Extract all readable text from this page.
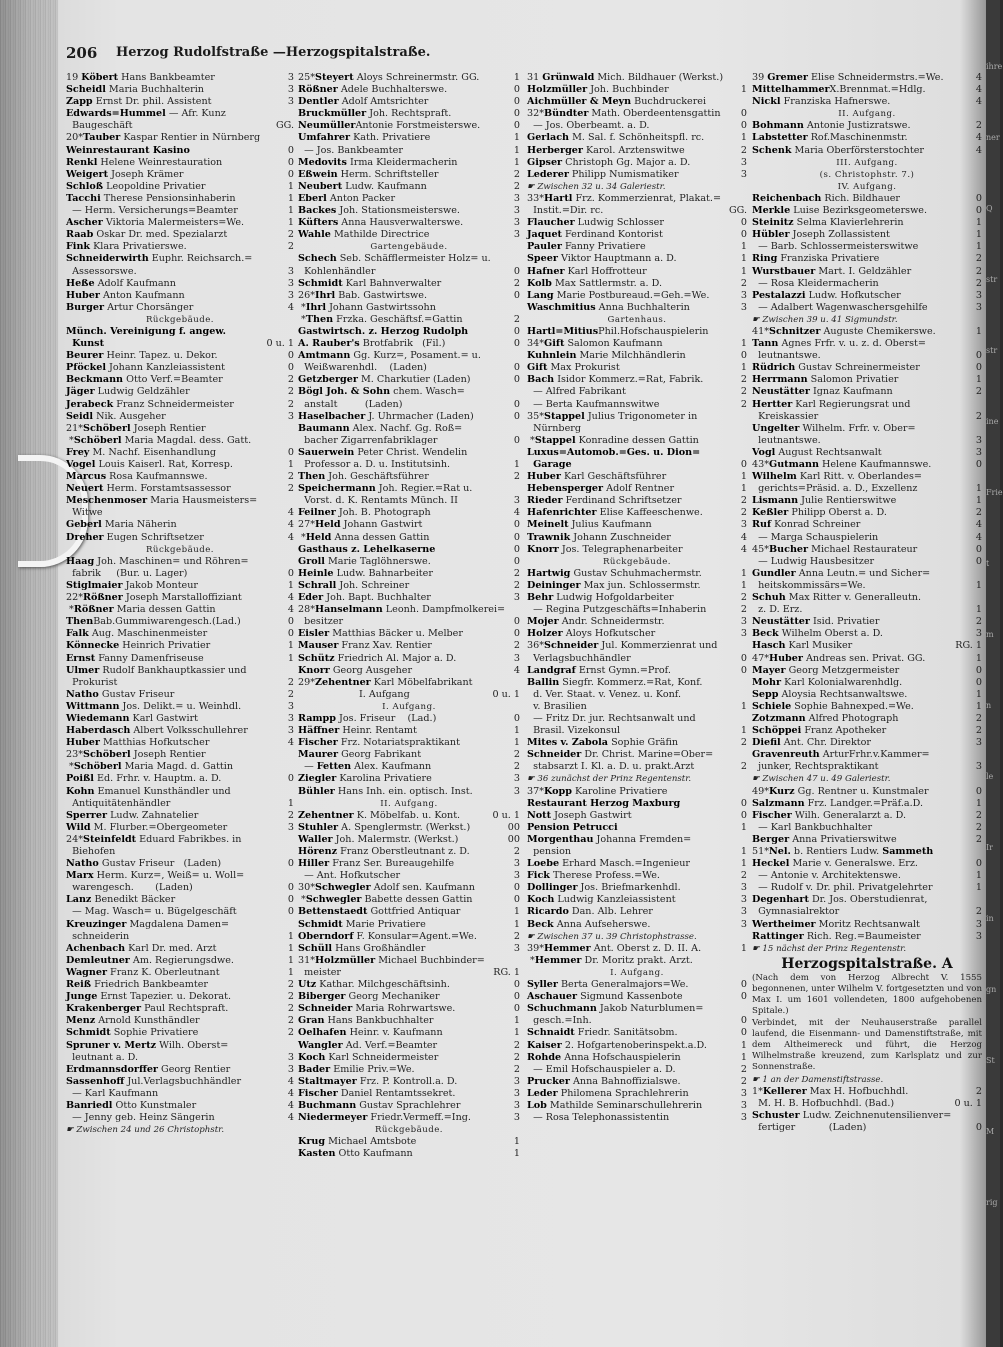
ihre
ner
Q
str
str
ine
Frie
t
m
n
le
Ir
in
gn
St
M
rig
206 Herzog Rudolfstraße —Herzogspitalstraße.
19 Köbert Hans Bankbeamter	3
Scheidl Maria Buchhalterin	3
Zapp Ernst Dr. phil. Assistent	3
Edwards=Hummel — Afr. Kunz
Baugeschäft	GG.
20*Tauber Kaspar Rentier in Nürnberg
Weinrestaurant Kasino	0
Renkl Helene Weinrestauration	0
Weigert Joseph Krämer	0
Schloß Leopoldine Privatier	1
Tacchi Therese Pensionsinhaberin	1
— Herm. Versicherungs=Beamter	1
Ascher Viktoria Malermeisters=We.	1
Raab Oskar Dr. med. Spezialarzt	2
Fink Klara Privatierswe.	2
Schneiderwirth Euphr. Reichsarch.=
Assessorswe.	3
Heße Adolf Kaufmann	3
Huber Anton Kaufmann	3
Burger Artur Chorsänger	4
Rückgebäude.
Münch. Vereinigung f. angew.
Kunst	0 u. 1
Beurer Heinr. Tapez. u. Dekor.	0
Pföckel Johann Kanzleiassistent	0
Beckmann Otto Verf.=Beamter	2
Jäger Ludwig Geldzähler	2
Jerabeck Franz Schneidermeister	2
Seidl Nik. Ausgeher	3
21*Schöberl Joseph Rentier
*Schöberl Maria Magdal. dess. Gatt.
Frey M. Nachf. Eisenhandlung	0
Vogel Louis Kaiserl. Rat, Korresp.	1
Marcus Rosa Kaufmannswe.	2
Neuert Herm. Forstamtsassessor	2
Meschenmoser Maria Hausmeisters=
Witwe	4
Geberl Maria Näherin	4
Dreher Eugen Schriftsetzer	4
Rückgebäude.
Haag Joh. Maschinen= und Röhren=
fabrik     (Bur. u. Lager)	0
Stiglmaier Jakob Monteur	1
22*Rößner Joseph Marstalloffiziant	4
*Rößner Maria dessen Gattin	4
ThenBab.Gummiwarengesch.(Lad.)	0
Falk Aug. Maschinenmeister	0
Könnecke Heinrich Privatier	1
Ernst Fanny Damenfriseuse	1
Ulmer Rudolf Bankhauptkassier und
Prokurist	2
Natho Gustav Friseur	2
Wittmann Jos. Delikt.= u. Weinhdl.	3
Wiedemann Karl Gastwirt	3
Haberdasch Albert Volksschullehrer	3
Huber Matthias Hofkutscher	4
23*Schöberl Joseph Rentier
*Schöberl Maria Magd. d. Gattin
Poißl Ed. Frhr. v. Hauptm. a. D.	0
Kohn Emanuel Kunsthändler und
Antiquitätenhändler	1
Sperrer Ludw. Zahnatelier	2
Wild M. Flurber.=Obergeometer	3
24*Steinfeldt Eduard Fabrikbes. in
Biehofen
Natho Gustav Friseur   (Laden)	0
Marx Herm. Kurz=, Weiß= u. Woll=
warengesch.       (Laden)	0
Lanz Benedikt Bäcker	0
— Mag. Wasch= u. Bügelgeschäft	0
Kreuzinger Magdalena Damen=
schneiderin	1
Achenbach Karl Dr. med. Arzt	1
Demleutner Am. Regierungsdwe.	1
Wagner Franz K. Oberleutnant	1
Reiß Friedrich Bankbeamter	2
Junge Ernst Tapezier. u. Dekorat.	2
Krakenberger Paul Rechtspraft.	2
Menz Arnold Kunsthändler	2
Schmidt Sophie Privatiere	2
Spruner v. Mertz Wilh. Oberst=
leutnant a. D.	3
Erdmannsdorffer Georg Rentier	3
Sassenhoff Jul.Verlagsbuchhändler	4
— Karl Kaufmann	4
Banriedl Otto Kunstmaler	4
— Jenny geb. Heinz Sängerin	4
☛ Zwischen 24 und 26 Christophstr.
25*Steyert Aloys Schreinermstr. GG.	1
Rößner Adele Buchhalterswe.	0
Dentler Adolf Amtsrichter	0
Bruckmüller Joh. Rechtspraft.	0
NeumüllerAntonie Forstmeisterswe.	0
Umfahrer Kath. Privatiere	1
— Jos. Bankbeamter	1
Medovits Irma Kleidermacherin	1
Eßwein Herm. Schriftsteller	2
Neubert Ludw. Kaufmann	2
Eberl Anton Packer	3
Backes Joh. Stationsmeisterswe.	3
Küfters Anna Hausverwalterswe.	3
Wahle Mathilde Directrice	3
Gartengebäude.
Schech Seb. Schäfflermeister Holz= u.
Kohlenhändler	0
Schmidt Karl Bahnverwalter	2
26*Ihrl Bab. Gastwirtswe.	0
*Ihrl Johann Gastwirtssohn
*Then Frzka. Geschäftsf.=Gattin	2
Gastwirtsch. z. Herzog Rudolph	0
A. Rauber's Brotfabrik   (Fil.)	0
Amtmann Gg. Kurz=, Posament.= u.
Weißwarenhdl.    (Laden)	0
Getzberger M. Charkutier (Laden)	0
Bögl Joh. & Sohn chem. Wasch=
anstalt         (Laden)	0
Haselbacher J. Uhrmacher (Laden)	0
Baumann Alex. Nachf. Gg. Roß=
bacher Zigarrenfabriklager	0
Sauerwein Peter Christ. Wendelin
Professor a. D. u. Institutsinh.	1
Then Joh. Geschäftsführer	2
Speichermann Joh. Regier.=Rat u.
Vorst. d. K. Rentamts Münch. II	3
Feilner Joh. B. Photograph	4
27*Held Johann Gastwirt	0
*Held Anna dessen Gattin	0
Gasthaus z. Lehelkaserne	0
Groll Marie Taglöhnerswe.	0
Heinle Ludw. Bahnarbeiter	2
Schrall Joh. Schreiner	2
Eder Joh. Bapt. Buchhalter	3
28*Hanselmann Leonh. Dampfmolkerei=
besitzer	0
Eisler Matthias Bäcker u. Melber	0
Mauser Franz Xav. Rentier	2
Schütz Friedrich Al. Major a. D.	3
Knorr Georg Ausgeher	4
29*Zehentner Karl Möbelfabrikant
I. Aufgang	0 u. 1
I. Aufgang.
Rampp Jos. Friseur    (Lad.)	0
Häffner Heinr. Rentamt	1
Fischer Frz. Notariatspraktikant	1
Maurer Georg Fabrikant	2
— Fetten Alex. Kaufmann	2
Ziegler Karolina Privatiere	3
Bühler Hans Inh. ein. optisch. Inst.	3
II. Aufgang.
Zehentner K. Möbelfab. u. Kont.	0 u. 1
Stuhler A. Spenglermstr. (Werkst.)	00
Waller Joh. Malermstr. (Werkst.)	00
Hörenz Franz Oberstleutnant z. D.	2
Hiller Franz Ser. Bureaugehilfe	3
— Ant. Hofkutscher	3
30*Schwegler Adolf sen. Kaufmann	0
*Schwegler Babette dessen Gattin	0
Bettenstaedt Gottfried Antiquar	1
Schmidt Marie Privatiere	1
Oberndorf F. Konsular=Agent.=We.	2
Schüll Hans Großhändler	3
31*Holzmüller Michael Buchbinder=
meister	RG. 1
Utz Kathar. Milchgeschäftsinh.	0
Biberger Georg Mechaniker	0
Schneider Maria Rohrwartswe.	0
Gran Hans Bankbuchhalter	1
Oelhafen Heinr. v. Kaufmann	1
Wangler Ad. Verf.=Beamter	2
Koch Karl Schneidermeister	2
Bader Emilie Priv.=We.	2
Staltmayer Frz. P. Kontroll.a. D.	3
Fischer Daniel Rentamtssekret.	3
Buchmann Gustav Sprachlehrer	3
Niedermeyer Friedr.Vermeff.=Ing.	3
Rückgebäude.
Krug Michael Amtsbote	1
Kasten Otto Kaufmann	1
31 Grünwald Mich. Bildhauer (Werkst.)
Holzmüller Joh. Buchbinder	1
Aichmüller & Meyn Buchdruckerei
32*Bündter Math. Oberdeentensgattin	0
— Jos. Oberbeamt. a. D.	0
Gerlach M. Sal. f. Schönheitspfl. rc.	1
Herberger Karol. Arztenswitwe	2
Gipser Christoph Gg. Major a. D.	3
Lederer Philipp Numismatiker	3
☛ Zwischen 32 u. 34 Galeriestr.
33*Hartl Frz. Kommerzienrat, Plakat.=
Instit.=Dir. rc.	GG.
Flaucher Ludwig Schlosser	0
Jaquet Ferdinand Kontorist	0
Pauler Fanny Privatiere	1
Speer Viktor Hauptmann a. D.	1
Hafner Karl Hoffrotteur	1
Kolb Max Sattlermstr. a. D.	2
Lang Marie Postbureaud.=Geh.=We.	3
Waschmitius Anna Buchhalterin	3
Gartenhaus.
Hartl=MitiusPhil.Hofschauspielerin
34*Gift Salomon Kaufmann	1
Kuhnlein Marie Milchhändlerin	0
Gift Max Prokurist	1
Bach Isidor Kommerz.=Rat, Fabrik.	2
— Alfred Fabrikant	2
— Berta Kaufmannswitwe	2
35*Stappel Julius Trigonometer in
Nürnberg
*Stappel Konradine dessen Gattin
Luxus=Automob.=Ges. u. Dion=
Garage	0
Huber Karl Geschäftsführer	1
Hebensperger Adolf Rentner	1
Rieder Ferdinand Schriftsetzer	2
Hafenrichter Elise Kaffeeschenwe.	2
Meinelt Julius Kaufmann	3
Trawnik Johann Zuschneider	4
Knorr Jos. Telegraphenarbeiter	4
Rückgebäude.
Hartwig Gustav Schuhmachermstr.	1
Deininger Max jun. Schlossermstr.	1
Behr Ludwig Hofgoldarbeiter	2
— Regina Putzgeschäfts=Inhaberin	2
Mojer Andr. Schneidermstr.	3
Holzer Aloys Hofkutscher	3
36*Schneider Jul. Kommerzienrat und
Verlagsbuchhändler	0
Landgraf Ernst Gymn.=Prof.	0
Ballin Siegfr. Kommerz.=Rat, Konf.
d. Ver. Staat. v. Venez. u. Konf.
v. Brasilien	1
— Fritz Dr. jur. Rechtsanwalt und
Brasil. Vizekonsul	1
Mites v. Zabola Sophie Gräfin	2
Schneider Dr. Christ. Marine=Ober=
stabsarzt I. Kl. a. D. u. prakt.Arzt	2
☛ 36 zunächst der Prinz Regentenstr.
37*Kopp Karoline Privatiere
Restaurant Herzog Maxburg	0
Nott Joseph Gastwirt	0
Pension Petrucci	1
Morgenthau Johanna Fremden=
pension	1
Loebe Erhard Masch.=Ingenieur	1
Fick Therese Profess.=We.	2
Dollinger Jos. Briefmarkenhdl.	3
Koch Ludwig Kanzleiassistent	3
Ricardo Dan. Alb. Lehrer	3
Beck Anna Aufseherswe.	3
☛ Zwischen 37 u. 39 Christophstrasse.
39*Hemmer Ant. Oberst z. D. II. A.	1
*Hemmer Dr. Moritz prakt. Arzt.
I. Aufgang.
Syller Berta Generalmajors=We.	0
Aschauer Sigmund Kassenbote	0
Schuchmann Jakob Naturblumen=
gesch.=Inh.	0
Schnaidt Friedr. Sanitätsobm.	0
Kaiser 2. Hofgartenoberinspekt.a.D.	1
Rohde Anna Hofschauspielerin	1
— Emil Hofschauspieler a. D.	2
Prucker Anna Bahnoffizialswe.	2
Leder Philomena Sprachlehrerin	3
Lob Mathilde Seminarschullehrerin	3
— Rosa Telephonassistentin	3
39 Gremer Elise Schneidermstrs.=We.	4
MittelhammerX.Brennmat.=Hdlg.	4
Nickl Franziska Hafnerswe.	4
II. Aufgang.
Bohmann Antonie Justizratswe.	2
Labstetter Rof.Maschinenmstr.	4
Schenk Maria Oberförsterstochter	4
III. Aufgang.
(s. Christophstr. 7.)
IV. Aufgang.
Reichenbach Rich. Bildhauer	0
Merkle Luise Bezirksgeometerswe.	0
Steinitz Selma Klavierlehrerin	1
Hübler Joseph Zollassistent	1
— Barb. Schlossermeisterswitwe	1
Ring Franziska Privatiere	2
Wurstbauer Mart. I. Geldzähler	2
— Rosa Kleidermacherin	2
Pestalazzi Ludw. Hofkutscher	3
— Adalbert Wagenwaschersgehilfe	3
☛ Zwischen 39 u. 41 Sigmundstr.
41*Schnitzer Auguste Chemikerswe.	1
Tann Agnes Frfr. v. u. z. d. Oberst=
leutnantswe.	0
Rüdrich Gustav Schreinermeister	0
Herrmann Salomon Privatier	1
Neustätter Ignaz Kaufmann	2
Hertter Karl Regierungsrat und
Kreiskassier	2
Ungelter Wilhelm. Frfr. v. Ober=
leutnantswe.	3
Vogl August Rechtsanwalt	3
43*Gutmann Helene Kaufmannswe.	0
Wilhelm Karl Ritt. v. Oberlandes=
gerichts=Präsid. a. D., Exzellenz	1
Lismann Julie Rentierswitwe	1
Keßler Philipp Oberst a. D.	2
Ruf Konrad Schreiner	4
— Marga Schauspielerin	4
45*Bucher Michael Restaurateur	0
— Ludwig Hausbesitzer	0
Gundler Anna Leutn.= und Sicher=
heitskommissärs=We.	1
Schuh Max Ritter v. Generalleutn.
z. D. Erz.	1
Neustätter Isid. Privatier	2
Beck Wilhelm Oberst a. D.	3
Hasch Karl Musiker	RG. 1
47*Huber Andreas sen. Privat. GG.	1
Mayer Georg Metzgermeister	0
Mohr Karl Kolonialwarenhdlg.	0
Sepp Aloysia Rechtsanwaltswe.	1
Schiele Sophie Bahnexped.=We.	1
Zotzmann Alfred Photograph	2
Schöppei Franz Apotheker	2
Diefil Ant. Chr. Direktor	3
Gravenreuth ArturFrhr.v.Kammer=
junker, Rechtspraktikant	3
☛ Zwischen 47 u. 49 Galeriestr.
49*Kurz Gg. Rentner u. Kunstmaler	0
Salzmann Frz. Landger.=Präf.a.D.	1
Fischer Wilh. Generalarzt a. D.	2
— Karl Bankbuchhalter	2
Berger Anna Privatierswitwe	2
51*Nel. b. Rentiers Ludw. Sammeth
Heckel Marie v. Generalswe. Erz.	0
— Antonie v. Architektenswe.	1
— Rudolf v. Dr. phil. Privatgelehrter	1
Degenhart Dr. Jos. Oberstudienrat,
Gymnasialrektor	2
Wertheimer Moritz Rechtsanwalt	3
Rattinger Rich. Reg.=Baumeister	3
☛ 15 nächst der Prinz Regentenstr.
Herzogspitalstraße. A
(Nach dem von Herzog Albrecht V. 1555 begonnenen, unter Wilhelm V. fortgesetzten und von Max I. um 1601 vollendeten, 1800 aufgehobenen Spitale.)
Verbindet, mit der Neuhauserstraße parallel laufend, die Eisenmann- und Damenstiftstraße, mit dem Altheimereck und führt, die Herzog Wilhelmstraße kreuzend, zum Karlsplatz und zur Sonnenstraße.
☛ 1 an der Damenstiftstrasse.
1*Kellerer Max H. Hofbuchhdl.	2
M. H. B. Hofbuchhdl. (Bad.)	0 u. 1
Schuster Ludw. Zeichnenutensilienver=
fertiger           (Laden)	0
